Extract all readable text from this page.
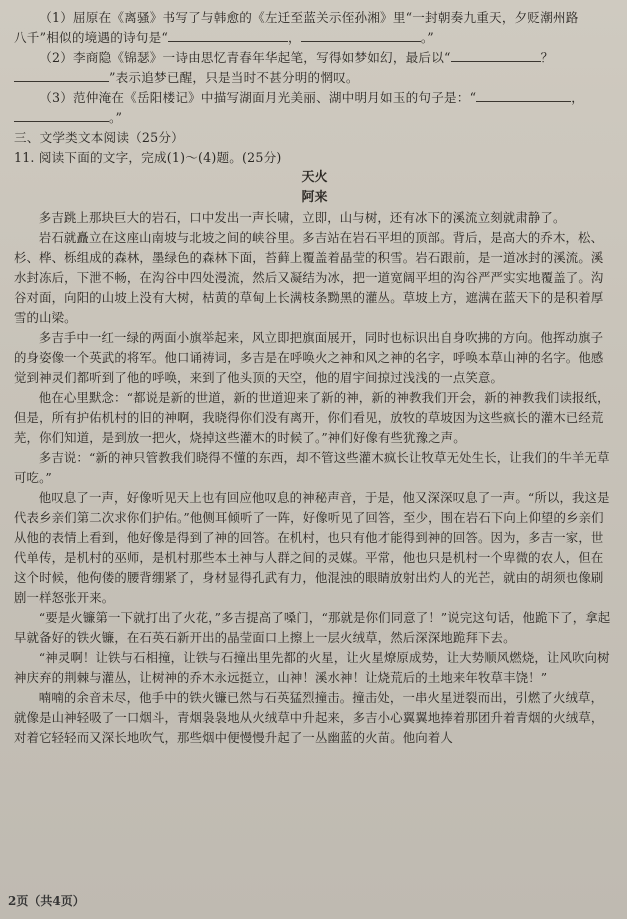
（1）屈原在《离骚》书写了与韩愈的《左迁至蓝关示侄孙湘》里“一封朝奏九重天，夕贬潮州路
八千”相似的境遇的诗句是“	，	。”
（2）李商隐《锦瑟》一诗由思忆青春年华起笔，写得如梦如幻，最后以“	？
”表示追梦已醒，只是当时不甚分明的惘叹。
（3）范仲淹在《岳阳楼记》中描写湖面月光美丽、湖中明月如玉的句子是：“	，
。”
三、文学类文本阅读（25分）
11. 阅读下面的文字，完成(1)～(4)题。(25分)
天火
阿来

多吉跳上那块巨大的岩石，口中发出一声长啸，立即，山与树，还有冰下的溪流立刻就肃静了。

岩石就矗立在这座山南坡与北坡之间的峡谷里。多吉站在岩石平坦的顶部。背后，是高大的乔木，松、杉、桦、栎组成的森林，墨绿色的森林下面，苔藓上覆盖着晶莹的积雪。岩石跟前，是一道冰封的溪流。溪水封冻后，下泄不畅，在沟谷中四处漫流，然后又凝结为冰，把一道宽阔平坦的沟谷严严实实地覆盖了。沟谷对面，向阳的山坡上没有大树，枯黄的草甸上长满枝条黝黑的灌丛。草坡上方，遮满在蓝天下的是积着厚雪的山梁。

多吉手中一红一绿的两面小旗举起来，风立即把旗面展开，同时也标识出自身吹拂的方向。他挥动旗子的身姿像一个英武的将军。他口诵祷词，多吉是在呼唤火之神和风之神的名字，呼唤本草山神的名字。他感觉到神灵们都听到了他的呼唤，来到了他头顶的天空，他的眉宇间掠过浅浅的一点笑意。

他在心里默念：“都说是新的世道，新的世道迎来了新的神，新的神教我们开会，新的神教我们读报纸，但是，所有护佑机村的旧的神啊，我晓得你们没有离开，你们看见，放牧的草坡因为这些疯长的灌木已经荒芜，你们知道，是到放一把火，烧掉这些灌木的时候了。”神们好像有些犹豫之声。

多吉说：“新的神只管教我们晓得不懂的东西，却不管这些灌木疯长让牧草无处生长，让我们的牛羊无草可吃。”

他叹息了一声，好像听见天上也有回应他叹息的神秘声音，于是，他又深深叹息了一声。“所以，我这是代表乡亲们第二次求你们护佑。”他侧耳倾听了一阵，好像听见了回答，至少，围在岩石下向上仰望的乡亲们从他的表情上看到，他好像是得到了神的回答。在机村，也只有他才能得到神的回答。因为，多吉一家，世代单传，是机村的巫师，是机村那些本土神与人群之间的灵媒。平常，他也只是机村一个卑微的农人，但在这个时候，他佝偻的腰背绷紧了，身材显得孔武有力，他混浊的眼睛放射出灼人的光芒，就由的胡须也像刷剧一样怒张开来。

“要是火镰第一下就打出了火花，”多吉提高了嗓门，“那就是你们同意了！”说完这句话，他跪下了，拿起早就备好的铁火镰，在石英石新开出的晶莹面口上擦上一层火绒草，然后深深地跪拜下去。

“神灵啊！让铁与石相撞，让铁与石撞出里先都的火星，让火星燎原成势，让大势顺风燃烧，让风吹向树神庆弃的荆棘与灌丛，让树神的乔木永远挺立，山神！溪水神！让烧荒后的土地来年牧草丰饶！”

喃喃的余音未尽，他手中的铁火镰已然与石英猛烈撞击。撞击处，一串火星迸裂而出，引燃了火绒草，就像是山神轻吸了一口烟斗，青烟袅袅地从火绒草中升起来，多吉小心翼翼地捧着那团升着青烟的火绒草，对着它轻轻而又深长地吹气，那些烟中便慢慢升起了一丛幽蓝的火苗。他向着人

2页（共4页）
